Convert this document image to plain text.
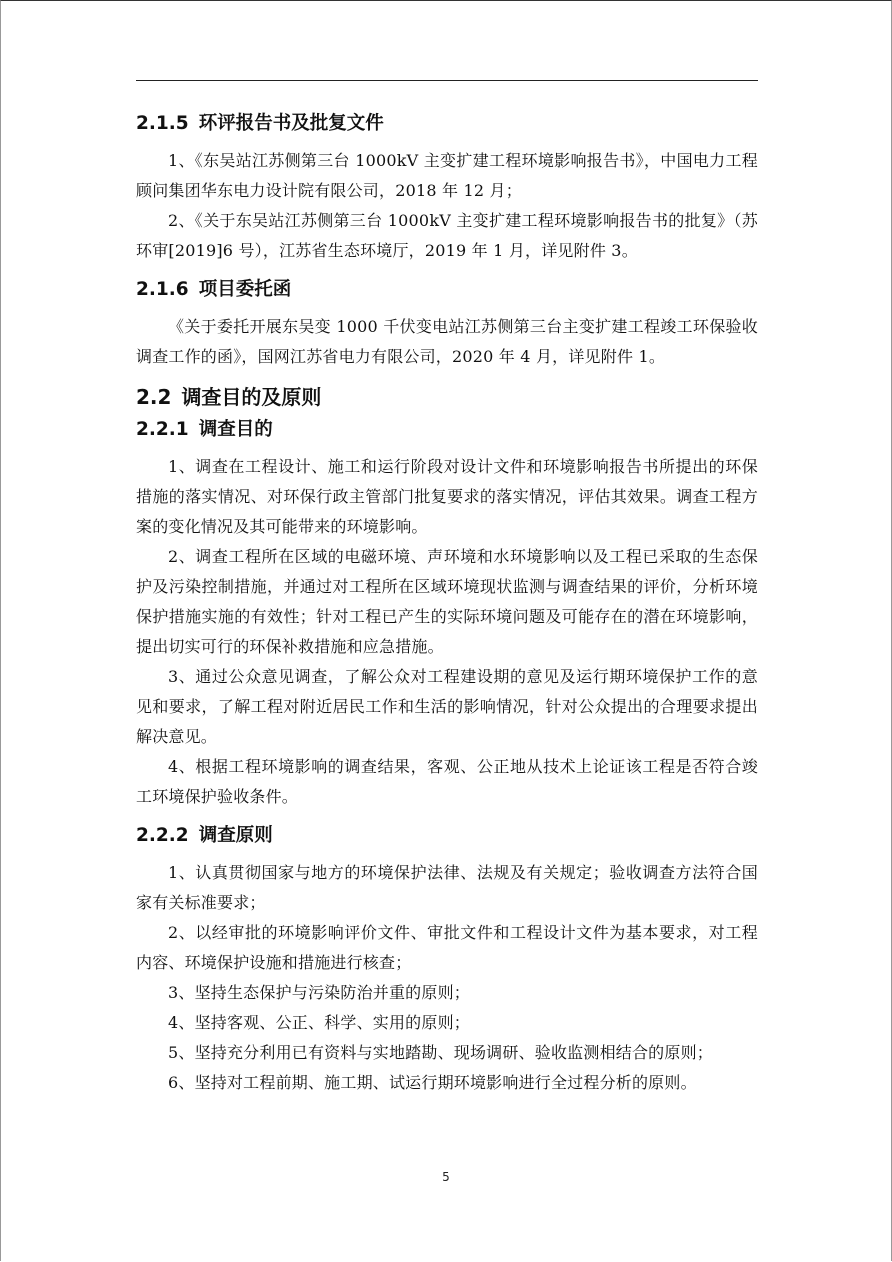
2.1.5 环评报告书及批复文件

1、《东吴站江苏侧第三台 1000kV 主变扩建工程环境影响报告书》，中国电力工程顾问集团华东电力设计院有限公司，2018 年 12 月；

2、《关于东吴站江苏侧第三台 1000kV 主变扩建工程环境影响报告书的批复》（苏环审[2019]6 号），江苏省生态环境厅，2019 年 1 月，详见附件 3。

2.1.6 项目委托函

《关于委托开展东吴变 1000 千伏变电站江苏侧第三台主变扩建工程竣工环保验收调查工作的函》，国网江苏省电力有限公司，2020 年 4 月，详见附件 1。

2.2 调查目的及原则
2.2.1 调查目的

1、调查在工程设计、施工和运行阶段对设计文件和环境影响报告书所提出的环保措施的落实情况、对环保行政主管部门批复要求的落实情况，评估其效果。调查工程方案的变化情况及其可能带来的环境影响。

2、调查工程所在区域的电磁环境、声环境和水环境影响以及工程已采取的生态保护及污染控制措施，并通过对工程所在区域环境现状监测与调查结果的评价，分析环境保护措施实施的有效性；针对工程已产生的实际环境问题及可能存在的潜在环境影响，提出切实可行的环保补救措施和应急措施。

3、通过公众意见调查，了解公众对工程建设期的意见及运行期环境保护工作的意见和要求，了解工程对附近居民工作和生活的影响情况，针对公众提出的合理要求提出解决意见。

4、根据工程环境影响的调查结果，客观、公正地从技术上论证该工程是否符合竣工环境保护验收条件。

2.2.2 调查原则

1、认真贯彻国家与地方的环境保护法律、法规及有关规定；验收调查方法符合国家有关标准要求；

2、以经审批的环境影响评价文件、审批文件和工程设计文件为基本要求，对工程内容、环境保护设施和措施进行核查；

3、坚持生态保护与污染防治并重的原则；

4、坚持客观、公正、科学、实用的原则；

5、坚持充分利用已有资料与实地踏勘、现场调研、验收监测相结合的原则；

6、坚持对工程前期、施工期、试运行期环境影响进行全过程分析的原则。

5
